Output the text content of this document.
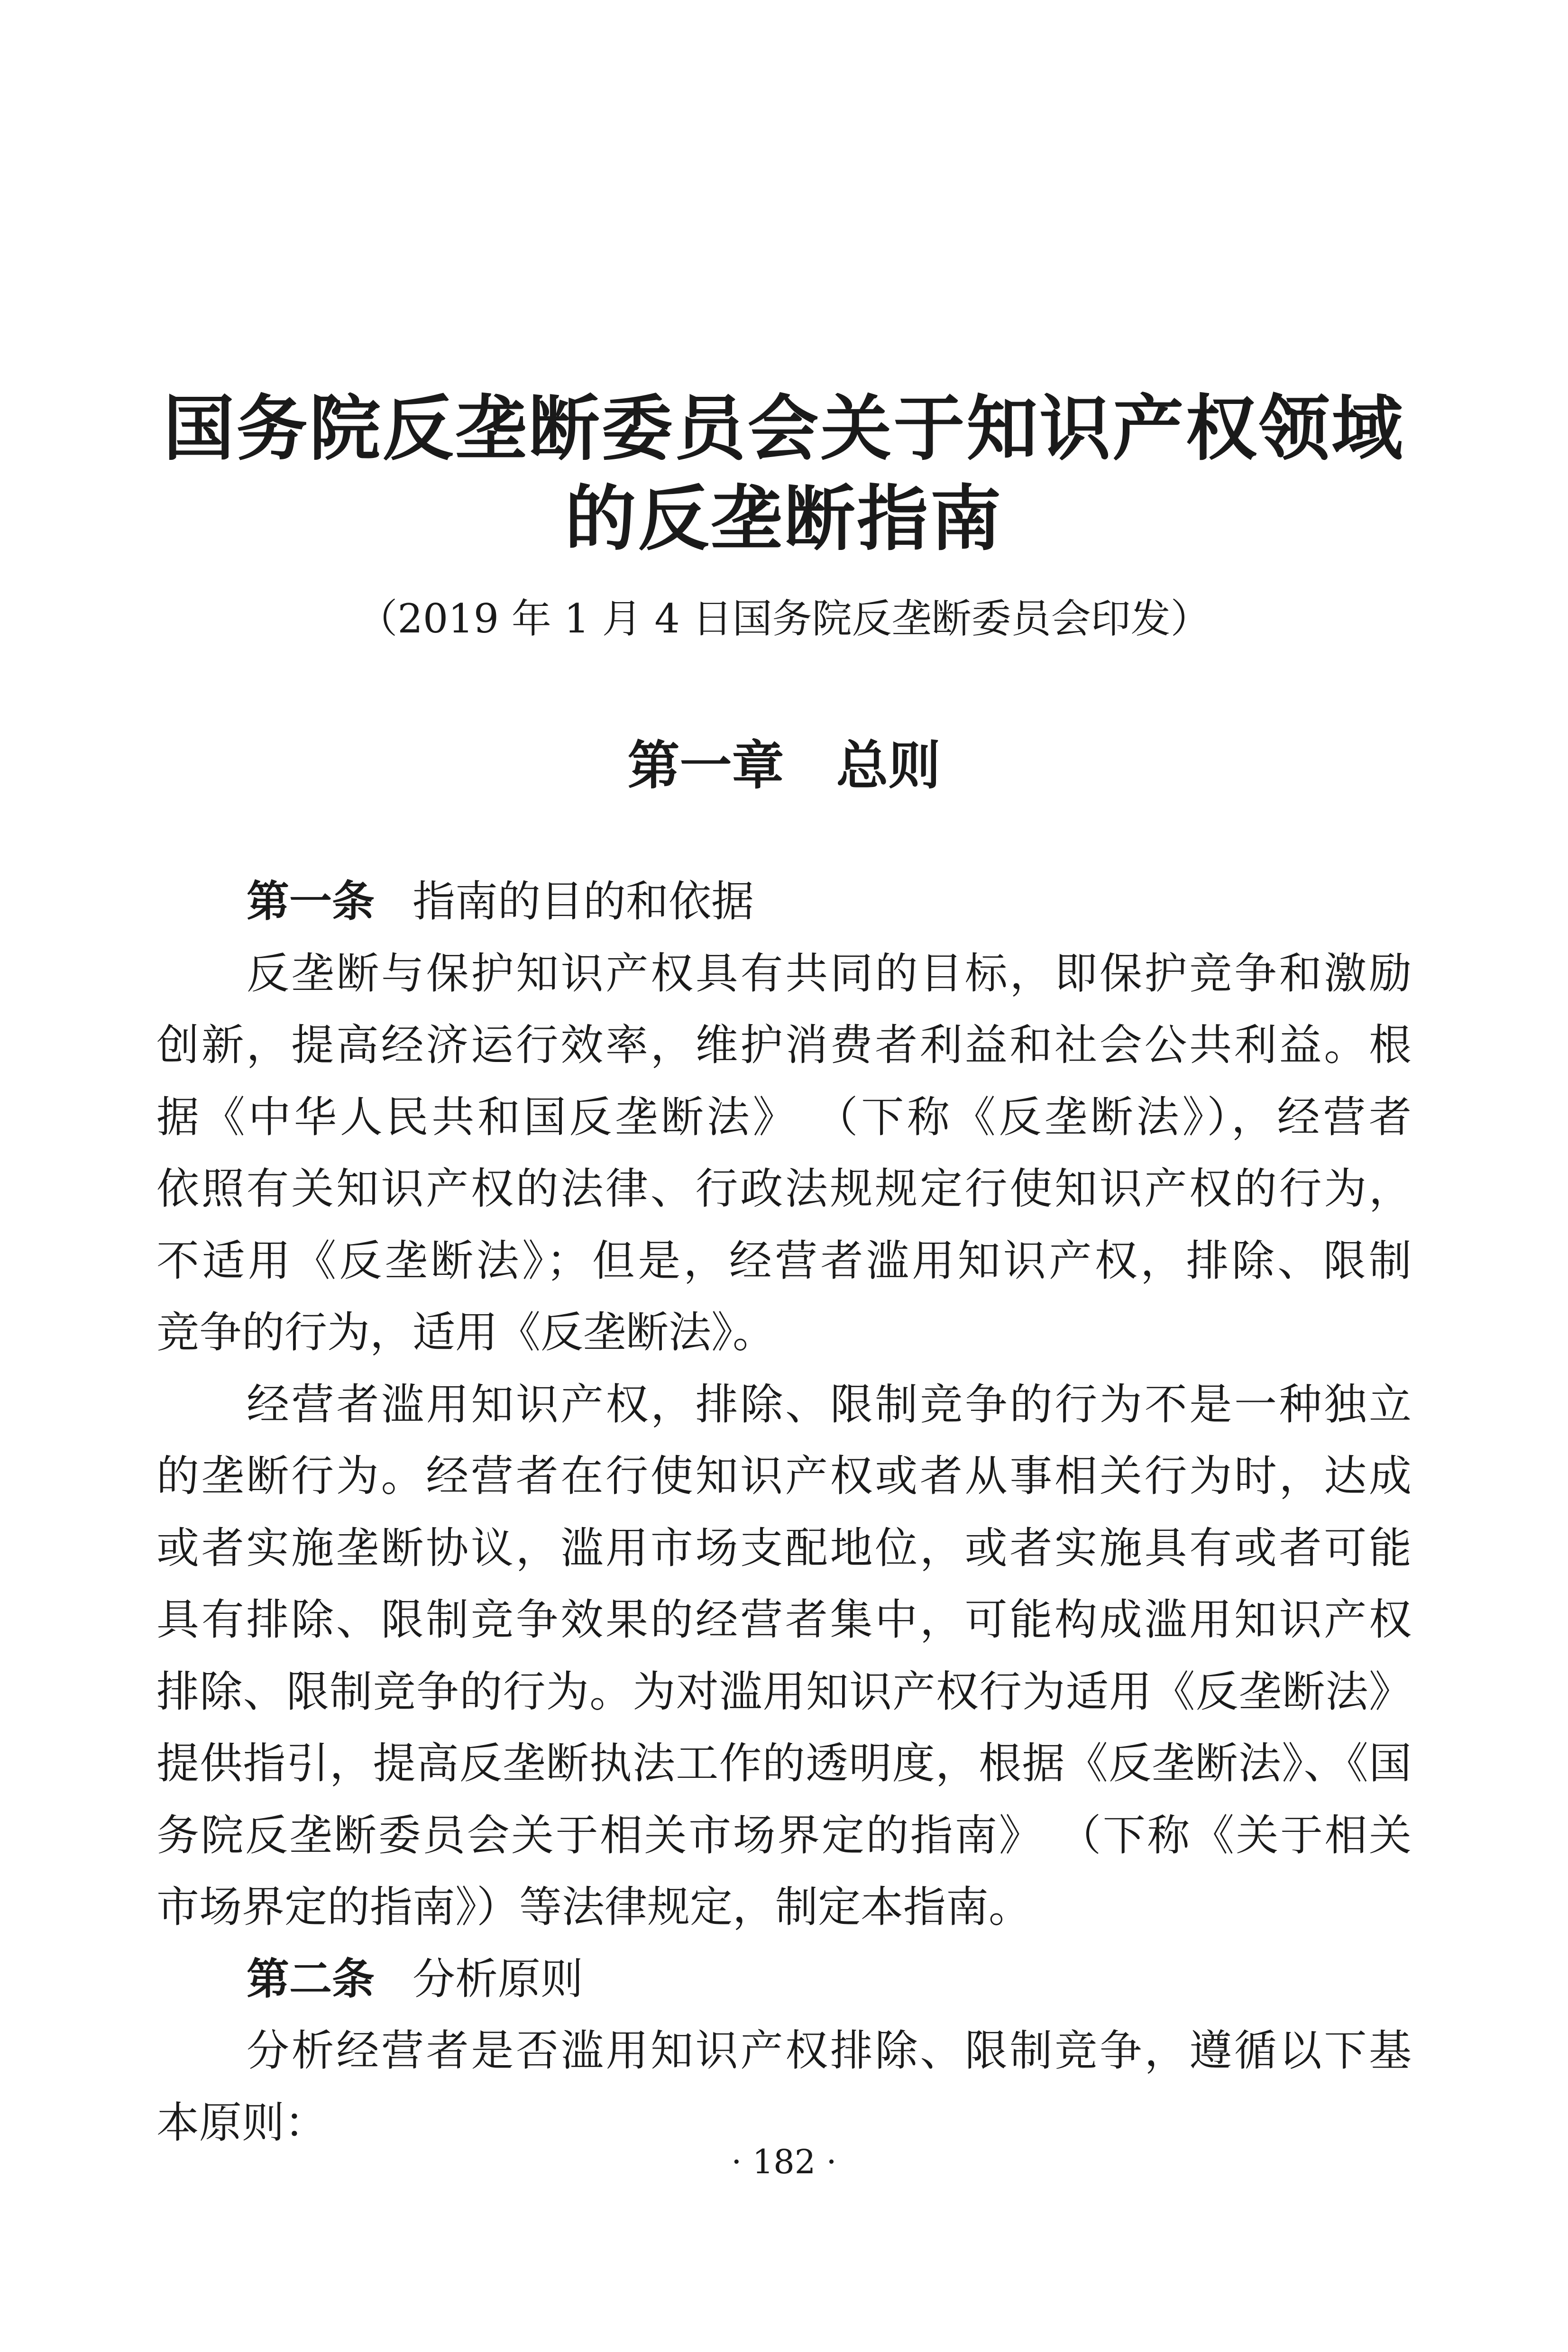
国务院反垄断委员会关于知识产权领域
的反垄断指南
（2019 年 1 月 4 日国务院反垄断委员会印发）
第一章　总则
第一条 指南的目的和依据
反垄断与保护知识产权具有共同的目标，即保护竞争和激励
创新，提高经济运行效率，维护消费者利益和社会公共利益。根
据《中华人民共和国反垄断法》 （下称《反垄断法》），经营者
依照有关知识产权的法律、行政法规规定行使知识产权的行为，
不适用《反垄断法》；但是，经营者滥用知识产权，排除、限制
竞争的行为，适用《反垄断法》。
经营者滥用知识产权，排除、限制竞争的行为不是一种独立
的垄断行为。经营者在行使知识产权或者从事相关行为时，达成
或者实施垄断协议，滥用市场支配地位，或者实施具有或者可能
具有排除、限制竞争效果的经营者集中，可能构成滥用知识产权
排除、限制竞争的行为。为对滥用知识产权行为适用《反垄断法》
提供指引，提高反垄断执法工作的透明度，根据《反垄断法》、《国
务院反垄断委员会关于相关市场界定的指南》 （下称《关于相关
市场界定的指南》）等法律规定，制定本指南。
第二条 分析原则
分析经营者是否滥用知识产权排除、限制竞争，遵循以下基
本原则：
· 182 ·
